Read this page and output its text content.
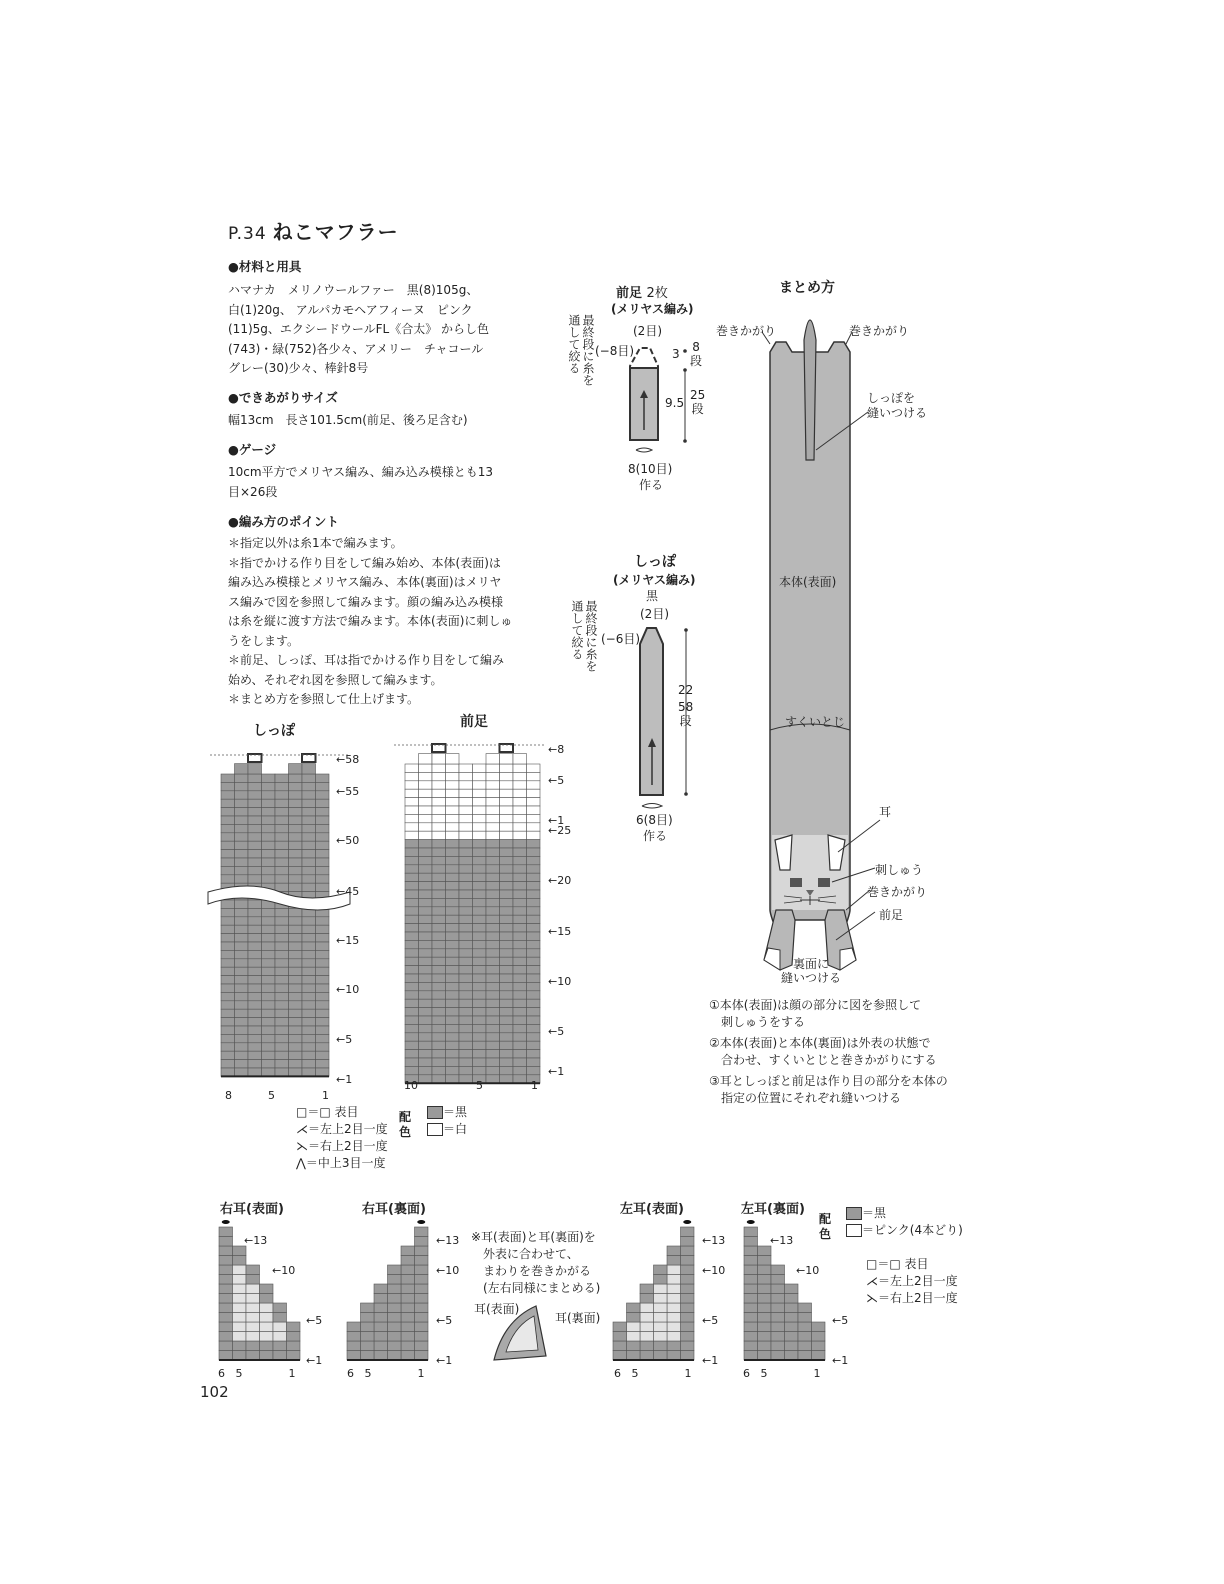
P.34 ねこマフラー
●材料と用具
ハマナカ　メリノウールファー　黒(8)105g、
白(1)20g、 アルパカモヘアフィーヌ　ピンク
(11)5g、エクシードウールFL《合太》 からし色
(743)・緑(752)各少々、アメリー　チャコール
グレー(30)少々、棒針8号
●できあがりサイズ
幅13cm　長さ101.5cm(前足、後ろ足含む)
●ゲージ
10cm平方でメリヤス編み、編み込み模様とも13
目×26段
●編み方のポイント
＊指定以外は糸1本で編みます。
＊指でかける作り目をして編み始め、本体(表面)は
編み込み模様とメリヤス編み、本体(裏面)はメリヤ
ス編みで図を参照して編みます。顔の編み込み模様
は糸を縦に渡す方法で編みます。本体(表面)に刺しゅ
うをします。
＊前足、しっぽ、耳は指でかける作り目をして編み
始め、それぞれ図を参照して編みます。
＊まとめ方を参照して仕上げます。
前足 2枚
(メリヤス編み)
最終段に糸を
通して絞る	(2目)
(−8目)	3 8
段
9.5
25
段
8(10目)
作る
しっぽ
(メリヤス編み)
黒
最終段に糸を
通して絞る	(2目)
(−6目)
22
58
段
6(8目)
作る
まとめ方
巻きかがり	巻きかがり
しっぽを
縫いつける
本体(表面)
すくいとじ
耳
刺しゅう
巻きかがり
前足
裏面に
縫いつける
①本体(表面)は顔の部分に図を参照して
　刺しゅうをする
②本体(表面)と本体(裏面)は外表の状態で
　合わせ、すくいとじと巻きかがりにする
③耳としっぽと前足は作り目の部分を本体の
　指定の位置にそれぞれ縫いつける
しっぽ
←58
←55
←50
←45
←15
←10
←5
←1
8	5	1
前足
←8
←5
←1
←25
←20
←15
←10
←5
←1
10	5	1
□＝□ 表目
⋌＝左上2目一度
⋋＝右上2目一度
⋀＝中上3目一度
配
色
＝黒
＝白
右耳(表面)	右耳(裏面)	左耳(表面)	左耳(裏面)
←13
←10
←5
←1
←13
←10
←5
←1
←13
←10
←5
←1
←13
←10
←5
←1
6 5	1	6 5	1	6 5	1	6 5	1
※耳(表面)と耳(裏面)を
外表に合わせて、
まわりを巻きかがる
(左右同様にまとめる)
耳(表面)
耳(裏面)
配
色
＝黒
＝ピンク(4本どり)
□＝□ 表目
⋌＝左上2目一度
⋋＝右上2目一度
102
